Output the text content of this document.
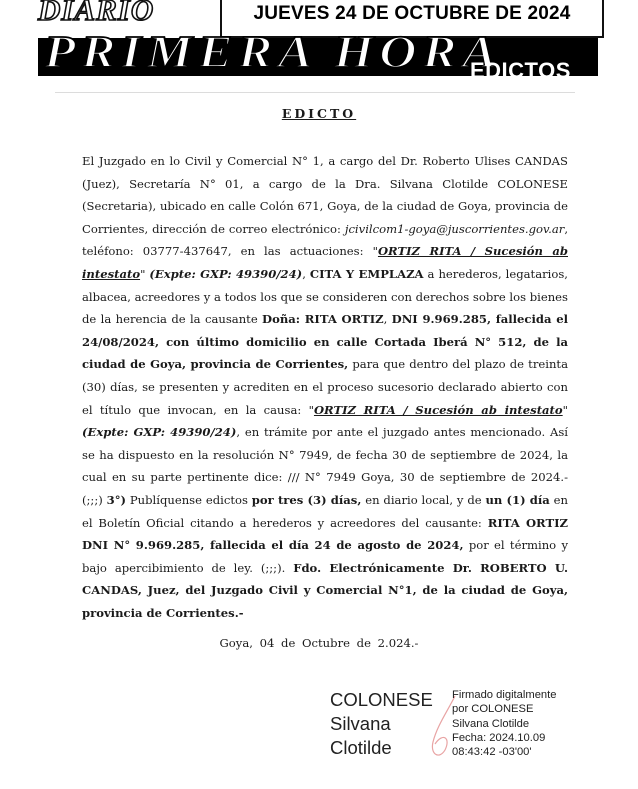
DIARIO	JUEVES 24 DE OCTUBRE DE 2024
PRIMERA HORA
EDICTOS
EDICTO

El Juzgado en lo Civil y Comercial N° 1, a cargo del Dr. Roberto Ulises CANDAS (Juez), Secretaría N° 01, a cargo de la Dra. Silvana Clotilde COLONESE (Secretaria), ubicado en calle Colón 671, Goya, de la ciudad de Goya, provincia de Corrientes, dirección de correo electrónico: jcivilcom1-goya@juscorrientes.gov.ar, teléfono: 03777-437647, en las actuaciones: "ORTIZ RITA / Sucesión ab intestato" (Expte: GXP: 49390/24), CITA Y EMPLAZA a herederos, legatarios, albacea, acreedores y a todos los que se consideren con derechos sobre los bienes de la herencia de la causante Doña: RITA ORTIZ, DNI 9.969.285, fallecida el 24/08/2024, con último domicilio en calle Cortada Iberá N° 512, de la ciudad de Goya, provincia de Corrientes, para que dentro del plazo de treinta (30) días, se presenten y acrediten en el proceso sucesorio declarado abierto con el título que invocan, en la causa: "ORTIZ RITA / Sucesión ab intestato"(Expte: GXP: 49390/24), en trámite por ante el juzgado antes mencionado. Así se ha dispuesto en la resolución N° 7949, de fecha 30 de septiembre de 2024, la cual en su parte pertinente dice: /// N° 7949 Goya, 30 de septiembre de 2024.- (;;;) 3°) Publíquense edictos por tres (3) días, en diario local, y de un (1) día en el Boletín Oficial citando a herederos y acreedores del causante: RITA ORTIZ DNI N° 9.969.285, fallecida el día 24 de agosto de 2024, por el término y bajo apercibimiento de ley. (;;;). Fdo. Electrónicamente Dr. ROBERTO U. CANDAS, Juez, del Juzgado Civil y Comercial N°1, de la ciudad de Goya, provincia de Corrientes.-

Goya, 04 de Octubre de 2.024.-
COLONESE
Silvana
Clotilde
Firmado digitalmente
por COLONESE
Silvana Clotilde
Fecha: 2024.10.09
08:43:42 -03'00'
